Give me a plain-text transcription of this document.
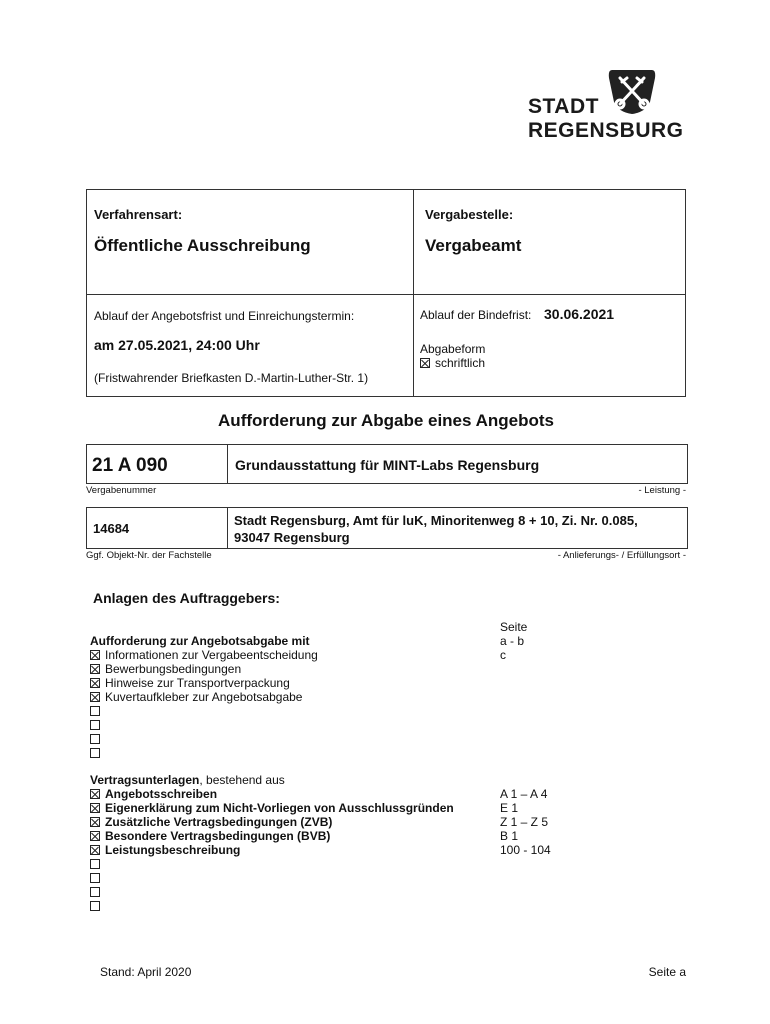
STADT
REGENSBURG
Verfahrensart:
Öffentliche Ausschreibung
Vergabestelle:
Vergabeamt
Ablauf der Angebotsfrist und Einreichungstermin:
am 27.05.2021, 24:00 Uhr
(Fristwahrender Briefkasten D.-Martin-Luther-Str. 1)
Ablauf der Bindefrist: 30.06.2021
Abgabeform
schriftlich
Aufforderung zur Abgabe eines Angebots
21 A 090	Grundausstattung für MINT-Labs Regensburg
Vergabenummer	- Leistung -
14684
Stadt Regensburg, Amt für luK, Minoritenweg 8 + 10, Zi. Nr. 0.085,
93047 Regensburg
Ggf. Objekt-Nr. der Fachstelle	- Anlieferungs- / Erfüllungsort -
Anlagen des Auftraggebers:
Seite
Aufforderung zur Angebotsabgabe mit	a - b
Informationen zur Vergabeentscheidung	c
Bewerbungsbedingungen
Hinweise zur Transportverpackung
Kuvertaufkleber zur Angebotsabgabe
Vertragsunterlagen, bestehend aus
Angebotsschreiben	A 1 – A 4
Eigenerklärung zum Nicht-Vorliegen von Ausschlussgründen	E 1
Zusätzliche Vertragsbedingungen (ZVB)	Z 1 – Z 5
Besondere Vertragsbedingungen (BVB)	B 1
Leistungsbeschreibung	100 - 104
Stand: April 2020	Seite a
